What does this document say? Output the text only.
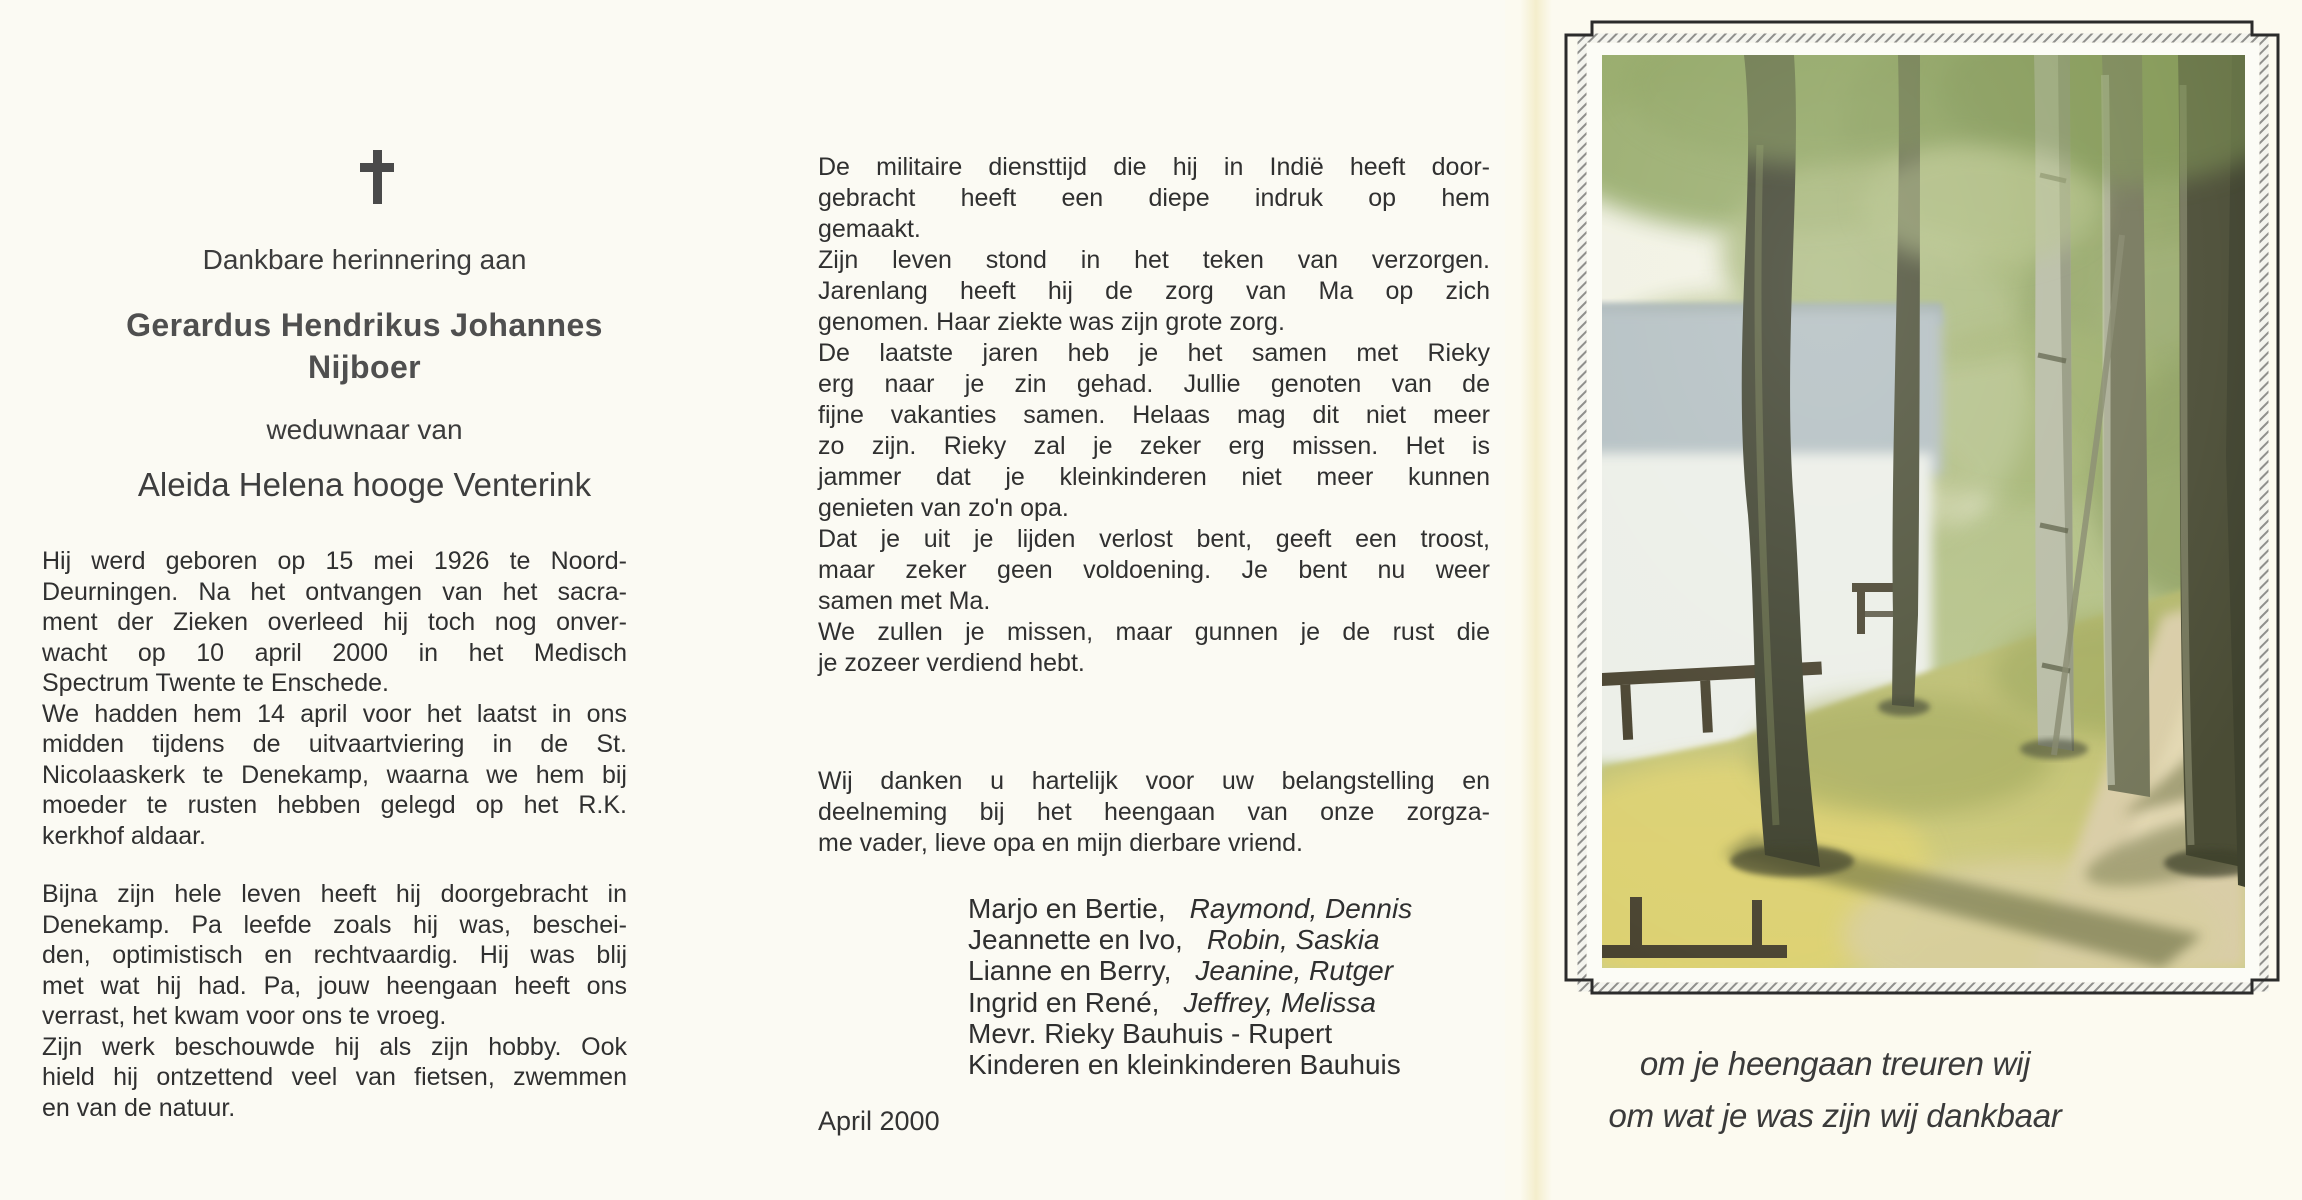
Dankbare herinnering aan
Gerardus Hendrikus Johannes
Nijboer
weduwnaar van
Aleida Helena hooge Venterink
Hij werd geboren op 15 mei 1926 te Noord-
Deurningen. Na het ontvangen van het sacra-
ment der Zieken overleed hij toch nog onver-
wacht op 10 april 2000 in het Medisch
Spectrum Twente te Enschede.
We hadden hem 14 april voor het laatst in ons
midden tijdens de uitvaartviering in de St.
Nicolaaskerk te Denekamp, waarna we hem bij
moeder te rusten hebben gelegd op het R.K.
kerkhof aldaar.
Bijna zijn hele leven heeft hij doorgebracht in
Denekamp. Pa leefde zoals hij was, beschei-
den, optimistisch en rechtvaardig. Hij was blij
met wat hij had. Pa, jouw heengaan heeft ons
verrast, het kwam voor ons te vroeg.
Zijn werk beschouwde hij als zijn hobby. Ook
hield hij ontzettend veel van fietsen, zwemmen
en van de natuur.
De militaire diensttijd die hij in Indië heeft door-
gebracht heeft een diepe indruk op hem
gemaakt.
Zijn leven stond in het teken van verzorgen.
Jarenlang heeft hij de zorg van Ma op zich
genomen. Haar ziekte was zijn grote zorg.
De laatste jaren heb je het samen met Rieky
erg naar je zin gehad. Jullie genoten van de
fijne vakanties samen. Helaas mag dit niet meer
zo zijn. Rieky zal je zeker erg missen. Het is
jammer dat je kleinkinderen niet meer kunnen
genieten van zo'n opa.
Dat je uit je lijden verlost bent, geeft een troost,
maar zeker geen voldoening. Je bent nu weer
samen met Ma.
We zullen je missen, maar gunnen je de rust die
je zozeer verdiend hebt.
Wij danken u hartelijk voor uw belangstelling en
deelneming bij het heengaan van onze zorgza-
me vader, lieve opa en mijn dierbare vriend.
Marjo en Bertie, Raymond, Dennis
Jeannette en Ivo, Robin, Saskia
Lianne en Berry, Jeanine, Rutger
Ingrid en René, Jeffrey, Melissa
Mevr. Rieky Bauhuis - Rupert
Kinderen en kleinkinderen Bauhuis
April 2000
om je heengaan treuren wij
om wat je was zijn wij dankbaar
